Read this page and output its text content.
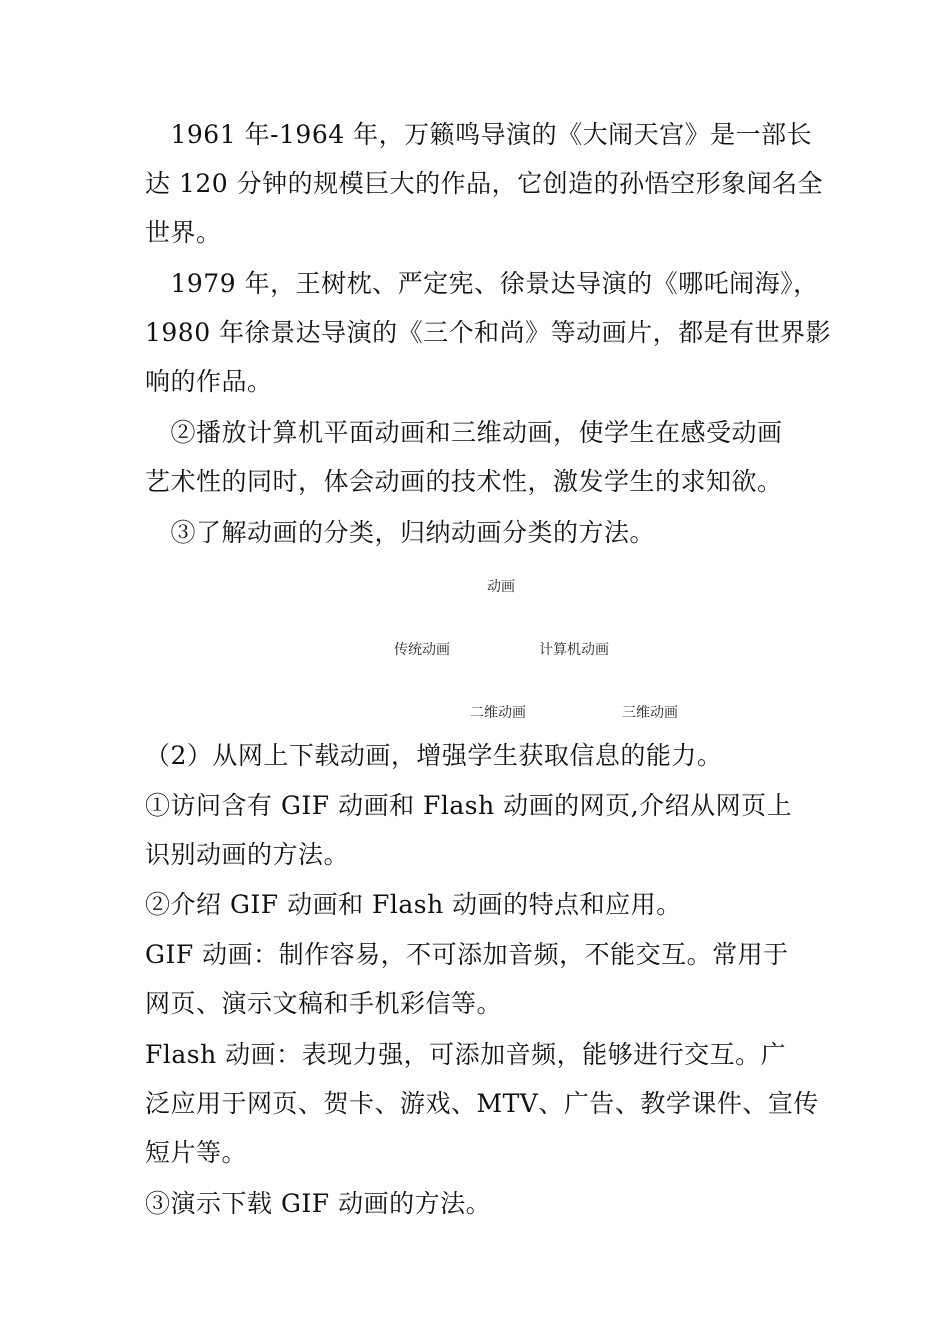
　1961 年-1964 年，万籁鸣导演的《大闹天宫》是一部长
达 120 分钟的规模巨大的作品，它创造的孙悟空形象闻名全
世界。

　1979 年，王树枕、严定宪、徐景达导演的《哪吒闹海》，
1980 年徐景达导演的《三个和尚》等动画片，都是有世界影
响的作品。

　②播放计算机平面动画和三维动画，使学生在感受动画
艺术性的同时，体会动画的技术性，激发学生的求知欲。

　③了解动画的分类，归纳动画分类的方法。

动画
传统动画	计算机动画
二维动画	三维动画

（2）从网上下载动画，增强学生获取信息的能力。

①访问含有 GIF 动画和 Flash 动画的网页,介绍从网页上
识别动画的方法。

②介绍 GIF 动画和 Flash 动画的特点和应用。

GIF 动画：制作容易，不可添加音频，不能交互。常用于
网页、演示文稿和手机彩信等。

Flash 动画：表现力强，可添加音频，能够进行交互。广
泛应用于网页、贺卡、游戏、MTV、广告、教学课件、宣传
短片等。

③演示下载 GIF 动画的方法。
